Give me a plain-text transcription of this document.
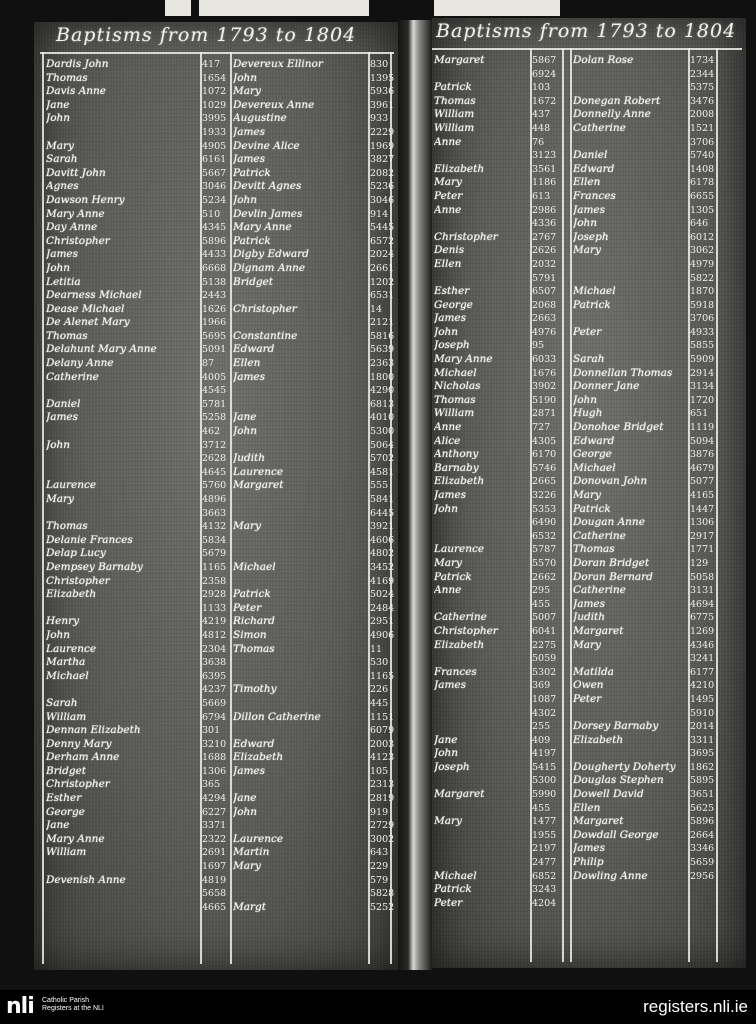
Baptisms from 1793 to 1804
Dardis John
Thomas
Davis Anne
Jane
John
Mary
Sarah
Davitt John
Agnes
Dawson Henry
Mary Anne
Day Anne
Christopher
James
John
Letitia
Dearness Michael
Dease Michael
De Alenet Mary
Thomas
Delahunt Mary Anne
Delany Anne
Catherine
Daniel
James
John
Laurence
Mary
Thomas
Delanie Frances
Delap Lucy
Dempsey Barnaby
Christopher
Elizabeth
Henry
John
Laurence
Martha
Michael
Sarah
William
Dennan Elizabeth
Denny Mary
Derham Anne
Bridget
Christopher
Esther
George
Jane
Mary Anne
William
Devenish Anne
417
1654
1072
1029
3995
1933
4905
6161
5667
3046
5234
510
4345
5896
4433
6668
5138
2443
1626
1966
5695
5091
87
4005
4545
5781
5258
462
3712
2628
4645
5760
4896
3663
4132
5834
5679
1165
2358
2928
1133
4219
4812
2304
3638
6395
4237
5669
6794
301
3210
1688
1306
365
4294
6227
3371
2322
2691
1697
4819
5658
4665
Devereux Ellinor
John
Mary
Devereux Anne
Augustine
James
Devine Alice
James
Patrick
Devitt Agnes
John
Devlin James
Mary Anne
Patrick
Digby Edward
Dignam Anne
Bridget
Christopher
Constantine
Edward
Ellen
James
Jane
John
Judith
Laurence
Margaret
Mary
Michael
Patrick
Peter
Richard
Simon
Thomas
Timothy
Dillon Catherine
Edward
Elizabeth
James
Jane
John
Laurence
Martin
Mary
Margt
830
1395
5936
3961
933
2229
1969
3827
2082
5236
3046
914
5445
6572
2024
2661
1202
6531
14
2121
5816
5639
2363
1800
4290
6813
4010
5300
5064
5702
4581
555
5841
6445
3921
4606
4802
3452
4169
5024
2484
2951
4906
11
530
1165
226
445
1151
6079
2003
4123
105
2313
2819
919
2729
3002
643
229
579
5828
5252
Baptisms from 1793 to 1804
Margaret
Patrick
Thomas
William
William
Anne
Elizabeth
Mary
Peter
Anne
Christopher
Denis
Ellen
Esther
George
James
John
Joseph
Mary Anne
Michael
Nicholas
Thomas
William
Anne
Alice
Anthony
Barnaby
Elizabeth
James
John
Laurence
Mary
Patrick
Anne
Catherine
Christopher
Elizabeth
Frances
James
Jane
John
Joseph
Margaret
Mary
Michael
Patrick
Peter
5867
6924
103
1672
437
448
76
3123
3561
1186
613
2986
4336
2767
2626
2032
5791
6507
2068
2663
4976
95
6033
1676
3902
5190
2871
727
4305
6170
5746
2665
3226
5353
6490
6532
5787
5570
2662
295
455
5007
6041
2275
5059
5302
369
1087
4302
255
409
4197
5415
5300
5990
455
1477
1955
2197
2477
6852
3243
4204
Dolan Rose
Donegan Robert
Donnelly Anne
Catherine
Daniel
Edward
Ellen
Frances
James
John
Joseph
Mary
Michael
Patrick
Peter
Sarah
Donnellan Thomas
Donner Jane
John
Hugh
Donohoe Bridget
Edward
George
Michael
Donovan John
Mary
Patrick
Dougan Anne
Catherine
Thomas
Doran Bridget
Doran Bernard
Catherine
James
Judith
Margaret
Mary
Matilda
Owen
Peter
Dorsey Barnaby
Elizabeth
Dougherty Doherty
Douglas Stephen
Dowell David
Ellen
Margaret
Dowdall George
James
Philip
Dowling Anne
1734
2344
5375
3476
2008
1521
3706
5740
1408
6178
6655
1305
646
6012
3062
4979
5822
1870
5918
3706
4933
5855
5909
2914
3134
1720
651
1119
5094
3876
4679
5077
4165
1447
1306
2917
1771
129
5058
3131
4694
6775
1269
4346
3241
6177
4210
1495
5910
2014
3311
3695
1862
5895
3651
5625
5896
2664
3346
5659
2956
nli Catholic Parish Registers at the NLI	registers.nli.ie
